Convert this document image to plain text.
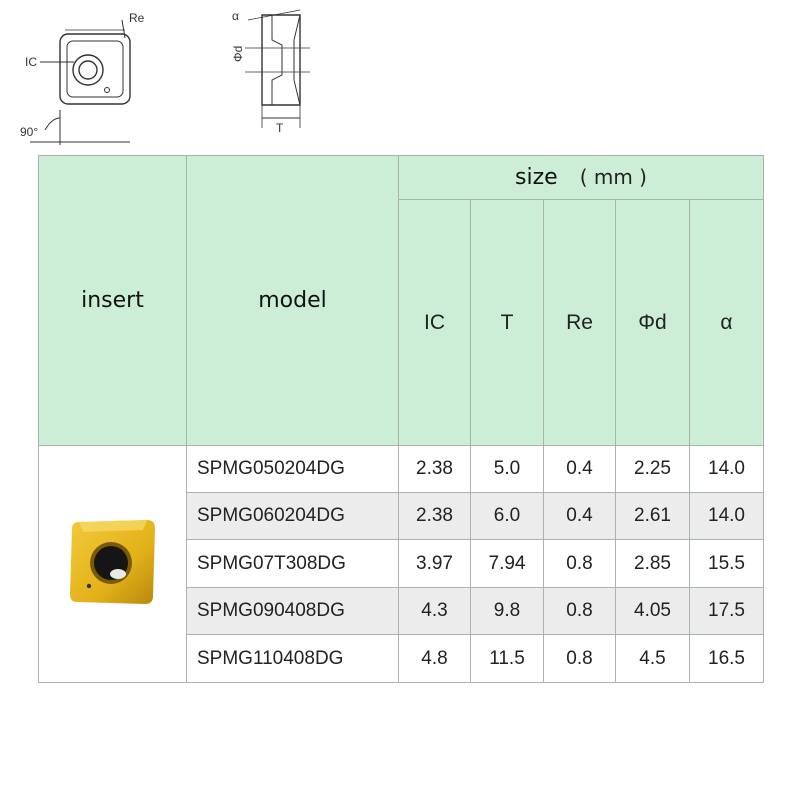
Re
IC
90°
α
Φd
T
insert	model	size ( mm )				
		IC	T	Re	Φd	α
	SPMG050204DG	2.38	5.0	0.4	2.25	14.0
	SPMG060204DG	2.38	6.0	0.4	2.61	14.0
	SPMG07T308DG	3.97	7.94	0.8	2.85	15.5
	SPMG090408DG	4.3	9.8	0.8	4.05	17.5
	SPMG110408DG	4.8	11.5	0.8	4.5	16.5
